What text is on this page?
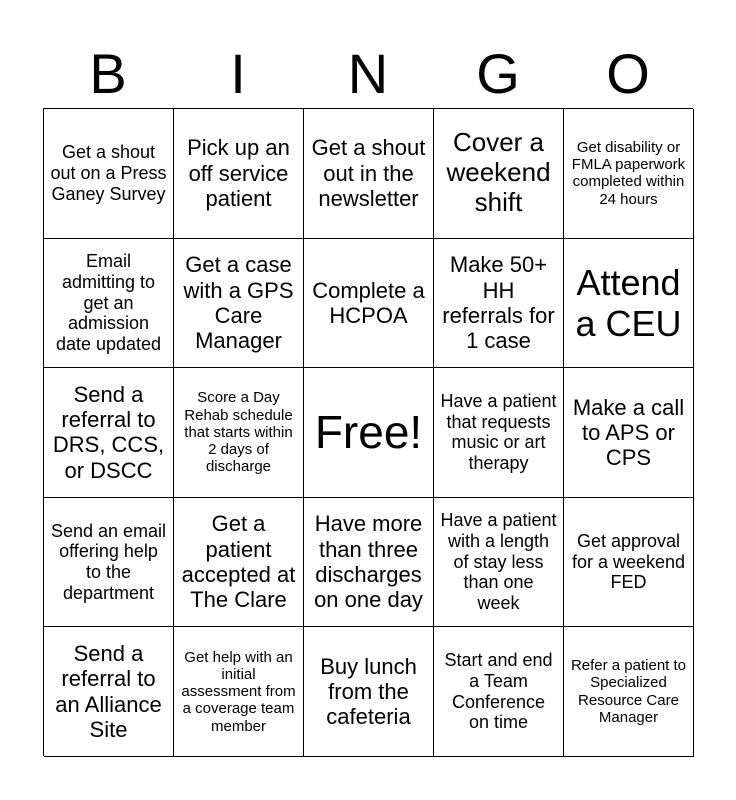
B	I	N	G	O
Get a shout out on a Press Ganey Survey
Pick up an off service patient
Get a shout out in the newsletter
Cover a weekend shift
Get disability or FMLA paperwork completed within 24 hours
Email admitting to get an admission date updated
Get a case with a GPS Care Manager
Complete a HCPOA
Make 50+ HH referrals for 1 case
Attend a CEU
Send a referral to DRS, CCS, or DSCC
Score a Day Rehab schedule that starts within 2 days of discharge
Free!
Have a patient that requests music or art therapy
Make a call to APS or CPS
Send an email offering help to the department
Get a patient accepted at The Clare
Have more than three discharges on one day
Have a patient with a length of stay less than one week
Get approval for a weekend FED
Send a referral to an Alliance Site
Get help with an initial assessment from a coverage team member
Buy lunch from the cafeteria
Start and end a Team Conference on time
Refer a patient to Specialized Resource Care Manager
